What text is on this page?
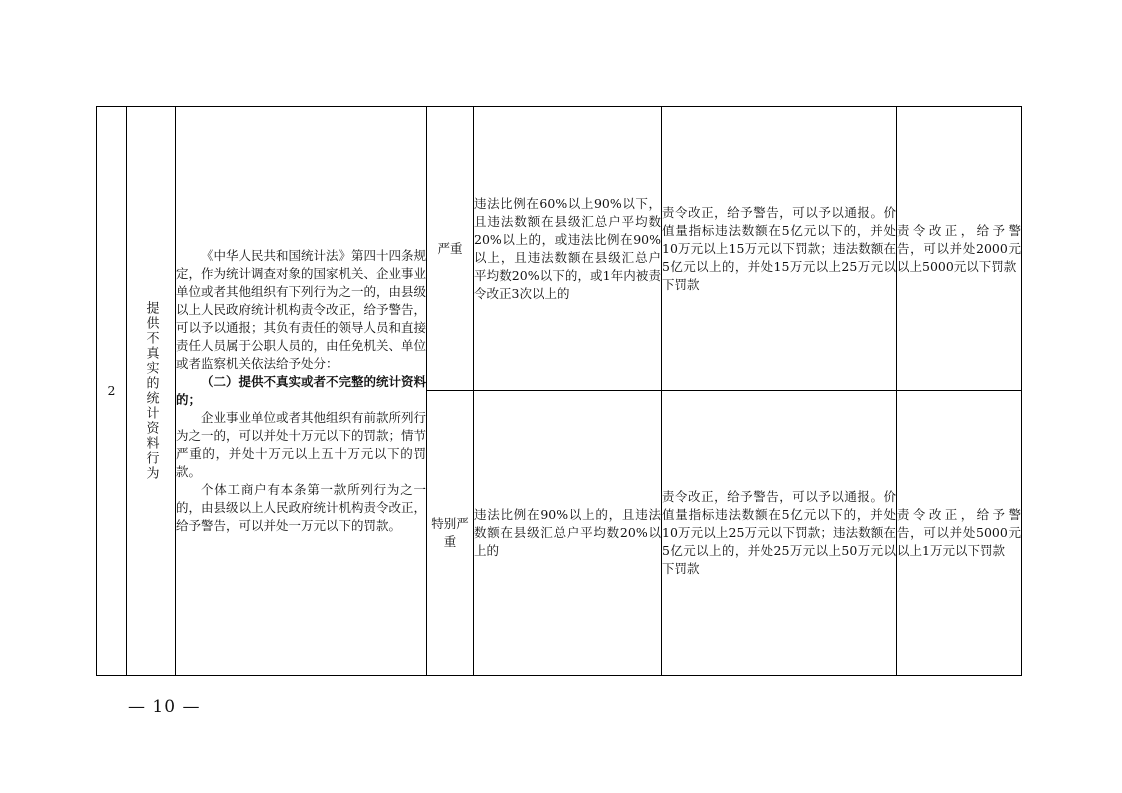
2	提供不真实的统计资料行为	《中华人民共和国统计法》第四十四条规定，作为统计调查对象的国家机关、企业事业单位或者其他组织有下列行为之一的，由县级以上人民政府统计机构责令改正，给予警告，可以予以通报；其负有责任的领导人员和直接责任人员属于公职人员的，由任免机关、单位或者监察机关依法给予处分：

（二）提供不真实或者不完整的统计资料的；

企业事业单位或者其他组织有前款所列行为之一的，可以并处十万元以下的罚款；情节严重的，并处十万元以上五十万元以下的罚款。

个体工商户有本条第一款所列行为之一的，由县级以上人民政府统计机构责令改正，给予警告，可以并处一万元以下的罚款。	严重	违法比例在60%以上90%以下，且违法数额在县级汇总户平均数20%以上的，或违法比例在90%以上，且违法数额在县级汇总户平均数20%以下的，或1年内被责令改正3次以上的	责令改正，给予警告，可以予以通报。价值量指标违法数额在5亿元以下的，并处10万元以上15万元以下罚款；违法数额在5亿元以上的，并处15万元以上25万元以下罚款	责令改正，给予警告，可以并处2000元以上5000元以下罚款

			特别严重	违法比例在90%以上的，且违法数额在县级汇总户平均数20%以上的	责令改正，给予警告，可以予以通报。价值量指标违法数额在5亿元以下的，并处10万元以上25万元以下罚款；违法数额在5亿元以上的，并处25万元以上50万元以下罚款	责令改正，给予警告，可以并处5000元以上1万元以下罚款

— 10 —
